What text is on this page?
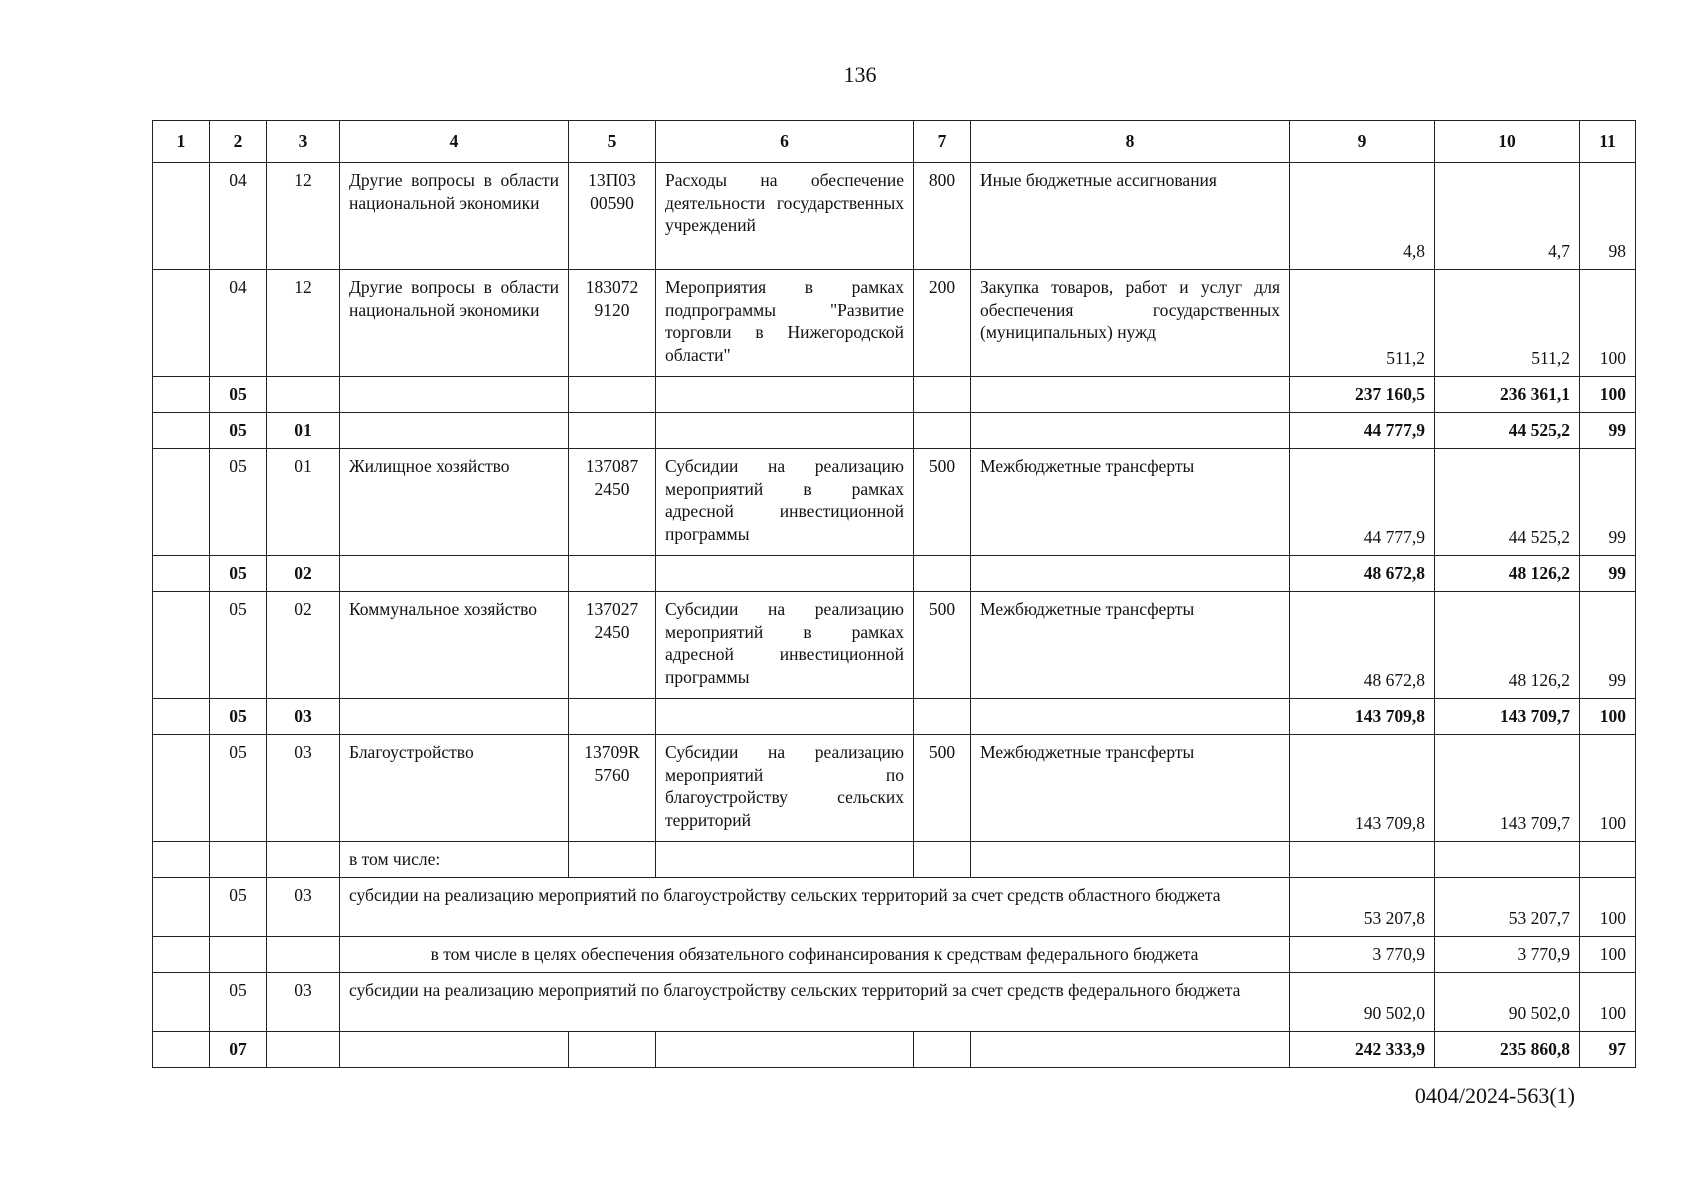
136
1	2	3	4	5	6	7	8	9	10	11
	04	12	Другие вопросы в области национальной экономики	13П03 00590	Расходы на обеспечение деятельности государственных учреждений	800	Иные бюджетные ассигнования	4,8	4,7	98
	04	12	Другие вопросы в области национальной экономики	183072 9120	Мероприятия в рамках подпрограммы "Развитие торговли в Нижегородской области"	200	Закупка товаров, работ и услуг для обеспечения государственных (муниципальных) нужд	511,2	511,2	100
	05							237 160,5	236 361,1	100
	05	01						44 777,9	44 525,2	99
	05	01	Жилищное хозяйство	137087 2450	Субсидии на реализацию мероприятий в рамках адресной инвестиционной программы	500	Межбюджетные трансферты	44 777,9	44 525,2	99
	05	02						48 672,8	48 126,2	99
	05	02	Коммунальное хозяйство	137027 2450	Субсидии на реализацию мероприятий в рамках адресной инвестиционной программы	500	Межбюджетные трансферты	48 672,8	48 126,2	99
	05	03						143 709,8	143 709,7	100
	05	03	Благоустройство	13709R 5760	Субсидии на реализацию мероприятий по благоустройству сельских территорий	500	Межбюджетные трансферты	143 709,8	143 709,7	100
			в том числе:							
	05	03	субсидии на реализацию мероприятий по благоустройству сельских территорий за счет средств областного бюджета					53 207,8	53 207,7	100
			в том числе в целях обеспечения обязательного софинансирования к средствам федерального бюджета					3 770,9	3 770,9	100
	05	03	субсидии на реализацию мероприятий по благоустройству сельских территорий за счет средств федерального бюджета					90 502,0	90 502,0	100
	07							242 333,9	235 860,8	97
0404/2024-563(1)
